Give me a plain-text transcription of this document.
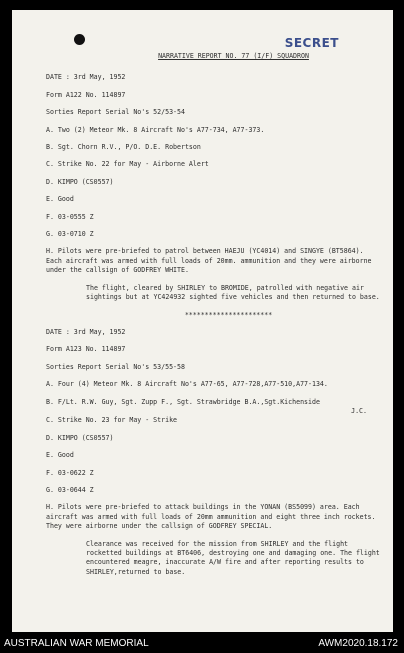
SECRET
NARRATIVE REPORT NO. 77 (I/F) SQUADRON
DATE : 3rd May, 1952
Form A122 No. 114897
Sorties Report Serial No's 52/53-54
A. Two (2) Meteor Mk. 8 Aircraft No's A77-734, A77-373.
B. Sgt. Chorn R.V., P/O. D.E. Robertson
C. Strike No. 22 for May - Airborne Alert
D. KIMPO (CS0557)
E. Good
F. 03-0555 Z
G. 03-0710 Z
H. Pilots were pre-briefed to patrol between HAEJU (YC4014) and SINGYE (BT5864). Each aircraft was armed with full loads of 20mm. ammunition and they were airborne under the callsign of GODFREY WHITE.
The flight, cleared by SHIRLEY to BROMIDE, patrolled with negative air sightings but at YC424932 sighted five vehicles and then returned to base.
**********************
DATE : 3rd May, 1952
Form A123 No. 114897
Sorties Report Serial No's 53/55-58
A. Four (4) Meteor Mk. 8 Aircraft No's A77-65, A77-728,A77-510,A77-134.
B. F/Lt. R.W. Guy, Sgt. Zupp F., Sgt. Strawbridge B.A.,Sgt.Kichenside
J.C.
C. Strike No. 23 for May - Strike
D. KIMPO (CS0557)
E. Good
F. 03-0622 Z
G. 03-0644 Z
H. Pilots were pre-briefed to attack buildings in the YONAN (BS5099) area. Each aircraft was armed with full loads of 20mm ammunition and eight three inch rockets. They were airborne under the callsign of GODFREY SPECIAL.
Clearance was received for the mission from SHIRLEY and the flight rocketted buildings at BT6406, destroying one and damaging one. The flight encountered meagre, inaccurate A/W fire and after reporting results to SHIRLEY,returned to base.
AUSTRALIAN WAR MEMORIAL	AWM2020.18.172
